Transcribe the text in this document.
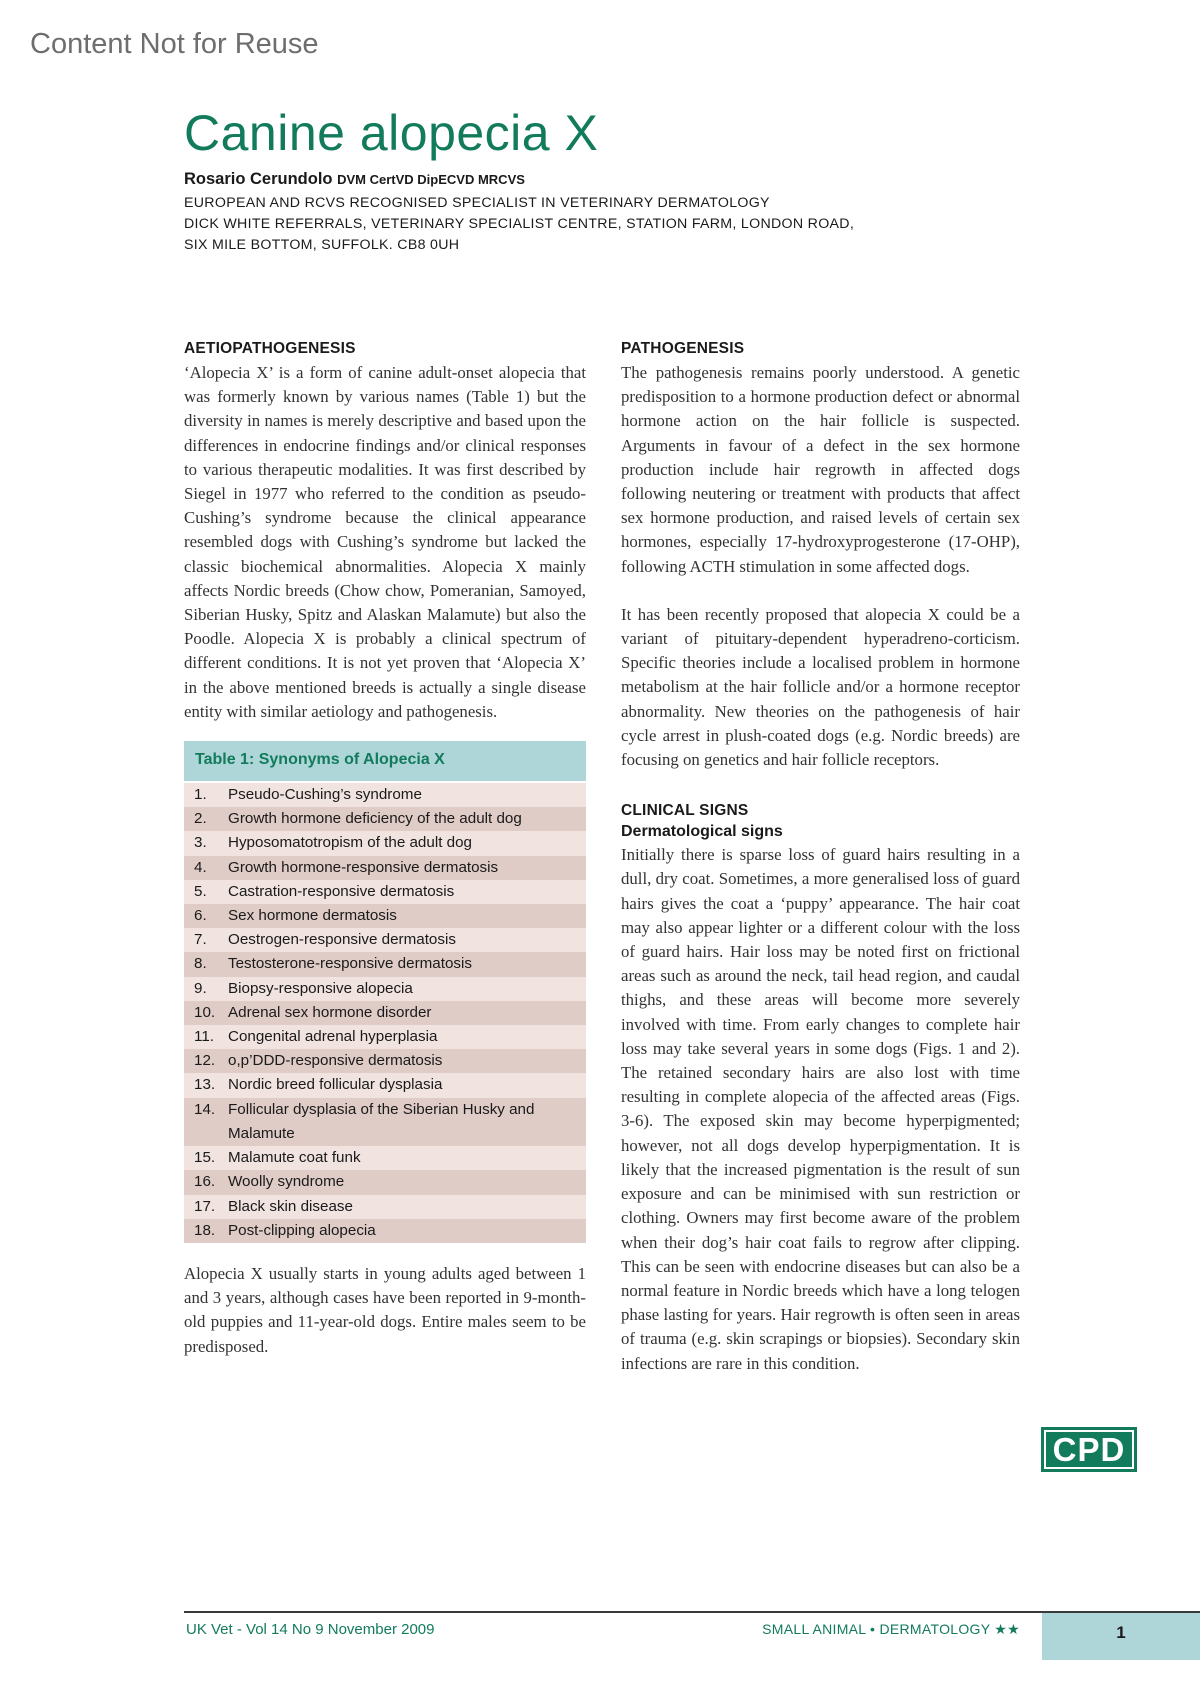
Content Not for Reuse
Canine alopecia X
Rosario Cerundolo DVM CertVD DipECVD MRCVS
EUROPEAN AND RCVS RECOGNISED SPECIALIST IN VETERINARY DERMATOLOGY
DICK WHITE REFERRALS, VETERINARY SPECIALIST CENTRE, STATION FARM, LONDON ROAD,
SIX MILE BOTTOM, SUFFOLK. CB8 0UH
AETIOPATHOGENESIS

‘Alopecia X’ is a form of canine adult-onset alopecia that was formerly known by various names (Table 1) but the diversity in names is merely descriptive and based upon the differences in endocrine findings and/or clinical responses to various therapeutic modalities. It was first described by Siegel in 1977 who referred to the condition as pseudo-Cushing’s syndrome because the clinical appearance resembled dogs with Cushing’s syndrome but lacked the classic biochemical abnormalities. Alopecia X mainly affects Nordic breeds (Chow chow, Pomeranian, Samoyed, Siberian Husky, Spitz and Alaskan Malamute) but also the Poodle. Alopecia X is probably a clinical spectrum of different conditions. It is not yet proven that ‘Alopecia X’ in the above mentioned breeds is actually a single disease entity with similar aetiology and pathogenesis.

Table 1: Synonyms of Alopecia X
1.	Pseudo-Cushing’s syndrome
2.	Growth hormone deficiency of the adult dog
3.	Hyposomatotropism of the adult dog
4.	Growth hormone-responsive dermatosis
5.	Castration-responsive dermatosis
6.	Sex hormone dermatosis
7.	Oestrogen-responsive dermatosis
8.	Testosterone-responsive dermatosis
9.	Biopsy-responsive alopecia
10. Adrenal sex hormone disorder
11. Congenital adrenal hyperplasia
12. o,p’DDD-responsive dermatosis
13. Nordic breed follicular dysplasia
14. Follicular dysplasia of the Siberian Husky and Malamute
15. Malamute coat funk
16. Woolly syndrome
17. Black skin disease
18. Post-clipping alopecia

Alopecia X usually starts in young adults aged between 1 and 3 years, although cases have been reported in 9-month-old puppies and 11-year-old dogs. Entire males seem to be predisposed.

PATHOGENESIS

The pathogenesis remains poorly understood. A genetic predisposition to a hormone production defect or abnormal hormone action on the hair follicle is suspected. Arguments in favour of a defect in the sex hormone production include hair regrowth in affected dogs following neutering or treatment with products that affect sex hormone production, and raised levels of certain sex hormones, especially 17-hydroxyprogesterone (17-OHP), following ACTH stimulation in some affected dogs.

It has been recently proposed that alopecia X could be a variant of pituitary-dependent hyperadreno-corticism. Specific theories include a localised problem in hormone metabolism at the hair follicle and/or a hormone receptor abnormality. New theories on the pathogenesis of hair cycle arrest in plush-coated dogs (e.g. Nordic breeds) are focusing on genetics and hair follicle receptors.

CLINICAL SIGNS
Dermatological signs

Initially there is sparse loss of guard hairs resulting in a dull, dry coat. Sometimes, a more generalised loss of guard hairs gives the coat a ‘puppy’ appearance. The hair coat may also appear lighter or a different colour with the loss of guard hairs. Hair loss may be noted first on frictional areas such as around the neck, tail head region, and caudal thighs, and these areas will become more severely involved with time. From early changes to complete hair loss may take several years in some dogs (Figs. 1 and 2). The retained secondary hairs are also lost with time resulting in complete alopecia of the affected areas (Figs. 3-6). The exposed skin may become hyperpigmented; however, not all dogs develop hyperpigmentation. It is likely that the increased pigmentation is the result of sun exposure and can be minimised with sun restriction or clothing. Owners may first become aware of the problem when their dog’s hair coat fails to regrow after clipping. This can be seen with endocrine diseases but can also be a normal feature in Nordic breeds which have a long telogen phase lasting for years. Hair regrowth is often seen in areas of trauma (e.g. skin scrapings or biopsies). Secondary skin infections are rare in this condition.

CPD
UK Vet - Vol 14 No 9 November 2009	SMALL ANIMAL • DERMATOLOGY ★★	1
